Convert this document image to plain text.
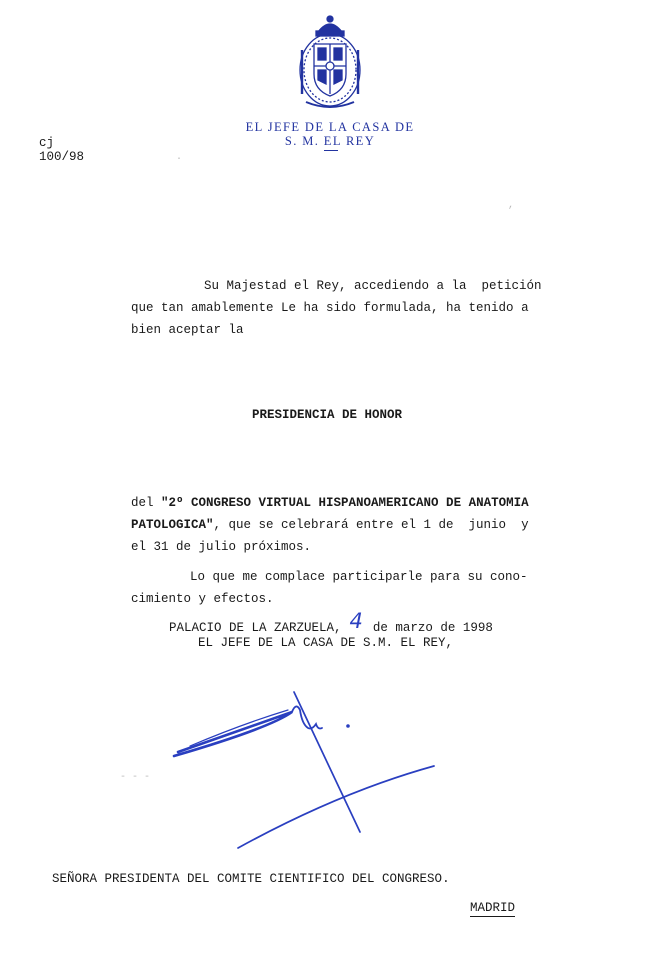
EL JEFE DE LA CASA DE
S. M. EL REY
cj
100/98
Su Majestad el Rey, accediendo a la  petición
que tan amablemente Le ha sido formulada, ha tenido a
bien aceptar la
PRESIDENCIA DE HONOR
del "2º CONGRESO VIRTUAL HISPANOAMERICANO DE ANATOMIA
PATOLOGICA", que se celebrará entre el 1 de  junio  y
el 31 de julio próximos.
Lo que me complace participarle para su cono-
cimiento y efectos.
PALACIO DE LA ZARZUELA, 4 de marzo de 1998
EL JEFE DE LA CASA DE S.M. EL REY,
SEÑORA PRESIDENTA DEL COMITE CIENTIFICO DEL CONGRESO.
MADRID
- - -
,
.
